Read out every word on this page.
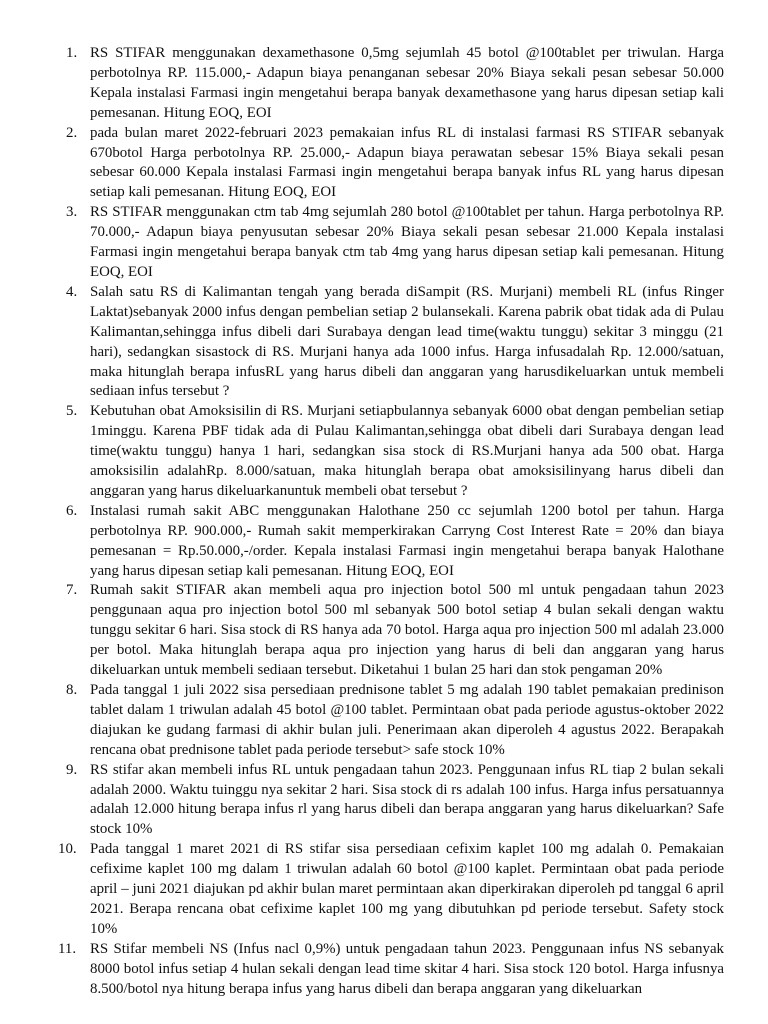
1. RS STIFAR menggunakan dexamethasone 0,5mg sejumlah 45 botol @100tablet per triwulan. Harga perbotolnya RP. 115.000,- Adapun biaya penanganan sebesar 20% Biaya sekali pesan sebesar 50.000 Kepala instalasi Farmasi ingin mengetahui berapa banyak dexamethasone yang harus dipesan setiap kali pemesanan. Hitung EOQ, EOI
2. pada bulan maret 2022-februari 2023 pemakaian infus RL di instalasi farmasi RS STIFAR sebanyak 670botol Harga perbotolnya RP. 25.000,- Adapun biaya perawatan sebesar 15% Biaya sekali pesan sebesar 60.000 Kepala instalasi Farmasi ingin mengetahui berapa banyak infus RL yang harus dipesan setiap kali pemesanan. Hitung EOQ, EOI
3. RS STIFAR menggunakan ctm tab 4mg sejumlah 280 botol @100tablet per tahun. Harga perbotolnya RP. 70.000,- Adapun biaya penyusutan sebesar 20% Biaya sekali pesan sebesar 21.000 Kepala instalasi Farmasi ingin mengetahui berapa banyak ctm tab 4mg yang harus dipesan setiap kali pemesanan. Hitung EOQ, EOI
4. Salah satu RS di Kalimantan tengah yang berada diSampit (RS. Murjani) membeli RL (infus Ringer Laktat)sebanyak 2000 infus dengan pembelian setiap 2 bulansekali. Karena pabrik obat tidak ada di Pulau Kalimantan,sehingga infus dibeli dari Surabaya dengan lead time(waktu tunggu) sekitar 3 minggu (21 hari), sedangkan sisastock di RS. Murjani hanya ada 1000 infus. Harga infusadalah Rp. 12.000/satuan, maka hitunglah berapa infusRL yang harus dibeli dan anggaran yang harusdikeluarkan untuk membeli sediaan infus tersebut ?
5. Kebutuhan obat Amoksisilin di RS. Murjani setiapbulannya sebanyak 6000 obat dengan pembelian setiap 1minggu. Karena PBF tidak ada di Pulau Kalimantan,sehingga obat dibeli dari Surabaya dengan lead time(waktu tunggu) hanya 1 hari, sedangkan sisa stock di RS.Murjani hanya ada 500 obat. Harga amoksisilin adalahRp. 8.000/satuan, maka hitunglah berapa obat amoksisilinyang harus dibeli dan anggaran yang harus dikeluarkanuntuk membeli obat tersebut ?
6. Instalasi rumah sakit ABC menggunakan Halothane 250 cc sejumlah 1200 botol per tahun. Harga perbotolnya RP. 900.000,- Rumah sakit memperkirakan Carryng Cost Interest Rate = 20% dan biaya pemesanan = Rp.50.000,-/order. Kepala instalasi Farmasi ingin mengetahui berapa banyak Halothane yang harus dipesan setiap kali pemesanan. Hitung EOQ, EOI
7. Rumah sakit STIFAR akan membeli aqua pro injection botol 500 ml untuk pengadaan tahun 2023 penggunaan aqua pro injection botol 500 ml sebanyak 500 botol setiap 4 bulan sekali dengan waktu tunggu sekitar 6 hari. Sisa stock di RS hanya ada 70 botol. Harga aqua pro injection 500 ml adalah 23.000 per botol. Maka hitunglah berapa aqua pro injection yang harus di beli dan anggaran yang harus dikeluarkan untuk membeli sediaan tersebut. Diketahui 1 bulan 25 hari dan stok pengaman 20%
8. Pada tanggal 1 juli 2022 sisa persediaan prednisone tablet 5 mg adalah 190 tablet pemakaian predinison tablet dalam 1 triwulan adalah 45 botol @100 tablet. Permintaan obat pada periode agustus-oktober 2022 diajukan ke gudang farmasi di akhir bulan juli. Penerimaan akan diperoleh 4 agustus 2022. Berapakah rencana obat prednisone tablet pada periode tersebut> safe stock 10%
9. RS stifar akan membeli infus RL untuk pengadaan tahun 2023. Penggunaan infus RL tiap 2 bulan sekali adalah 2000. Waktu tuinggu nya sekitar 2 hari. Sisa stock di rs adalah 100 infus. Harga infus persatuannya adalah 12.000 hitung berapa infus rl yang harus dibeli dan berapa anggaran yang harus dikeluarkan? Safe stock 10%
10. Pada tanggal 1 maret 2021 di RS stifar sisa persediaan cefixim kaplet 100 mg adalah 0. Pemakaian cefixime kaplet 100 mg dalam 1 triwulan adalah 60 botol @100 kaplet. Permintaan obat pada periode april – juni 2021 diajukan pd akhir bulan maret permintaan akan diperkirakan diperoleh pd tanggal 6 april 2021. Berapa rencana obat cefixime kaplet 100 mg yang dibutuhkan pd periode tersebut. Safety stock 10%
11. RS Stifar membeli NS (Infus nacl 0,9%) untuk pengadaan tahun 2023. Penggunaan infus NS sebanyak 8000 botol infus setiap 4 hulan sekali dengan lead time skitar 4 hari. Sisa stock 120 botol. Harga infusnya 8.500/botol nya hitung berapa infus yang harus dibeli dan berapa anggaran yang dikeluarkan
